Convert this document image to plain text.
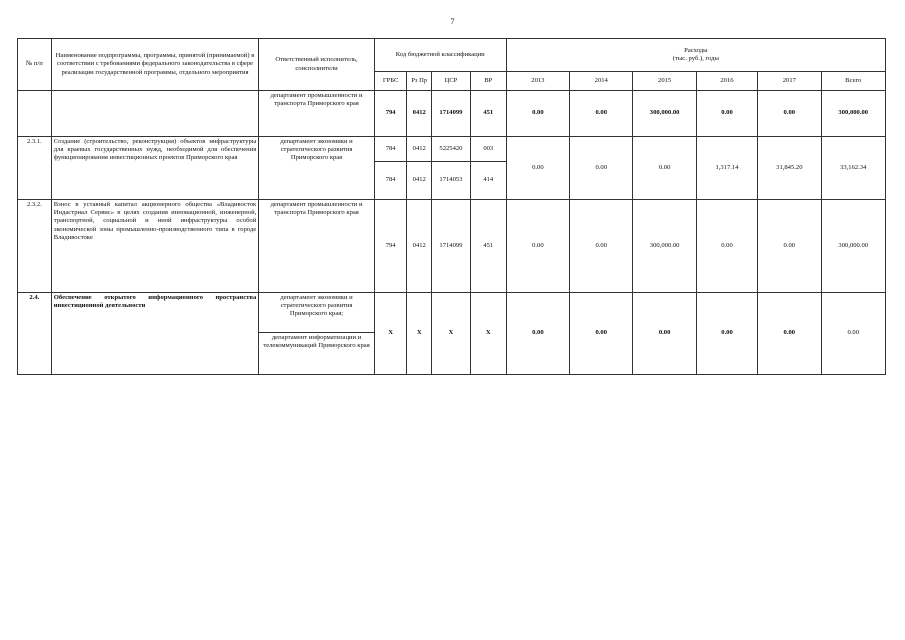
7
№ п/п	Наименование подпрограммы, программы, принятой (принимаемой) в соответствии с требованиями федерального законодательства в сфере реализации государственной программы, отдельного мероприятия	Ответственный исполнитель, соисполнители	Код бюджетной классификации				Расходы
(тыс. руб.), годы					
			ГРБС	Рз Пр	ЦСР	ВР	2013	2014	2015	2016	2017	Всего
		департамент промышленности и транспорта Приморского края	794	0412	1714099	451	0.00	0.00	300,000.00	0.00	0.00	300,000.00
2.3.1.	Создание (строительство, реконструкция) объектов инфраструктуры для краевых государственных нужд, необходимой для обеспечения функционирования инвестиционных проектов Приморского края	департамент экономики и стратегического развития Приморского края	784	0412	5225420	003	0.00	0.00	0.00	1,317.14	31,845.20	33,162.34
			784	0412	1714053	414						
2.3.2.	Взнос в уставный капитал акционерного общества «Владивосток Индастриал Сервис» в целях создания инновационной, инженерной, транспортной, социальной и иной инфраструктуры особой экономической зоны промышленно-производственного типа в городе Владивостоке	департамент промышленности и транспорта Приморского края	794	0412	1714099	451	0.00	0.00	300,000.00	0.00	0.00	300,000.00
2.4.	Обеспечение открытого информационного пространства инвестиционной деятельности	департамент экономики и стратегического развития Приморского края;	X	X	X	X	0.00	0.00	0.00	0.00	0.00	0.00
		департамент информатизации и телекоммуникаций Приморского края										
